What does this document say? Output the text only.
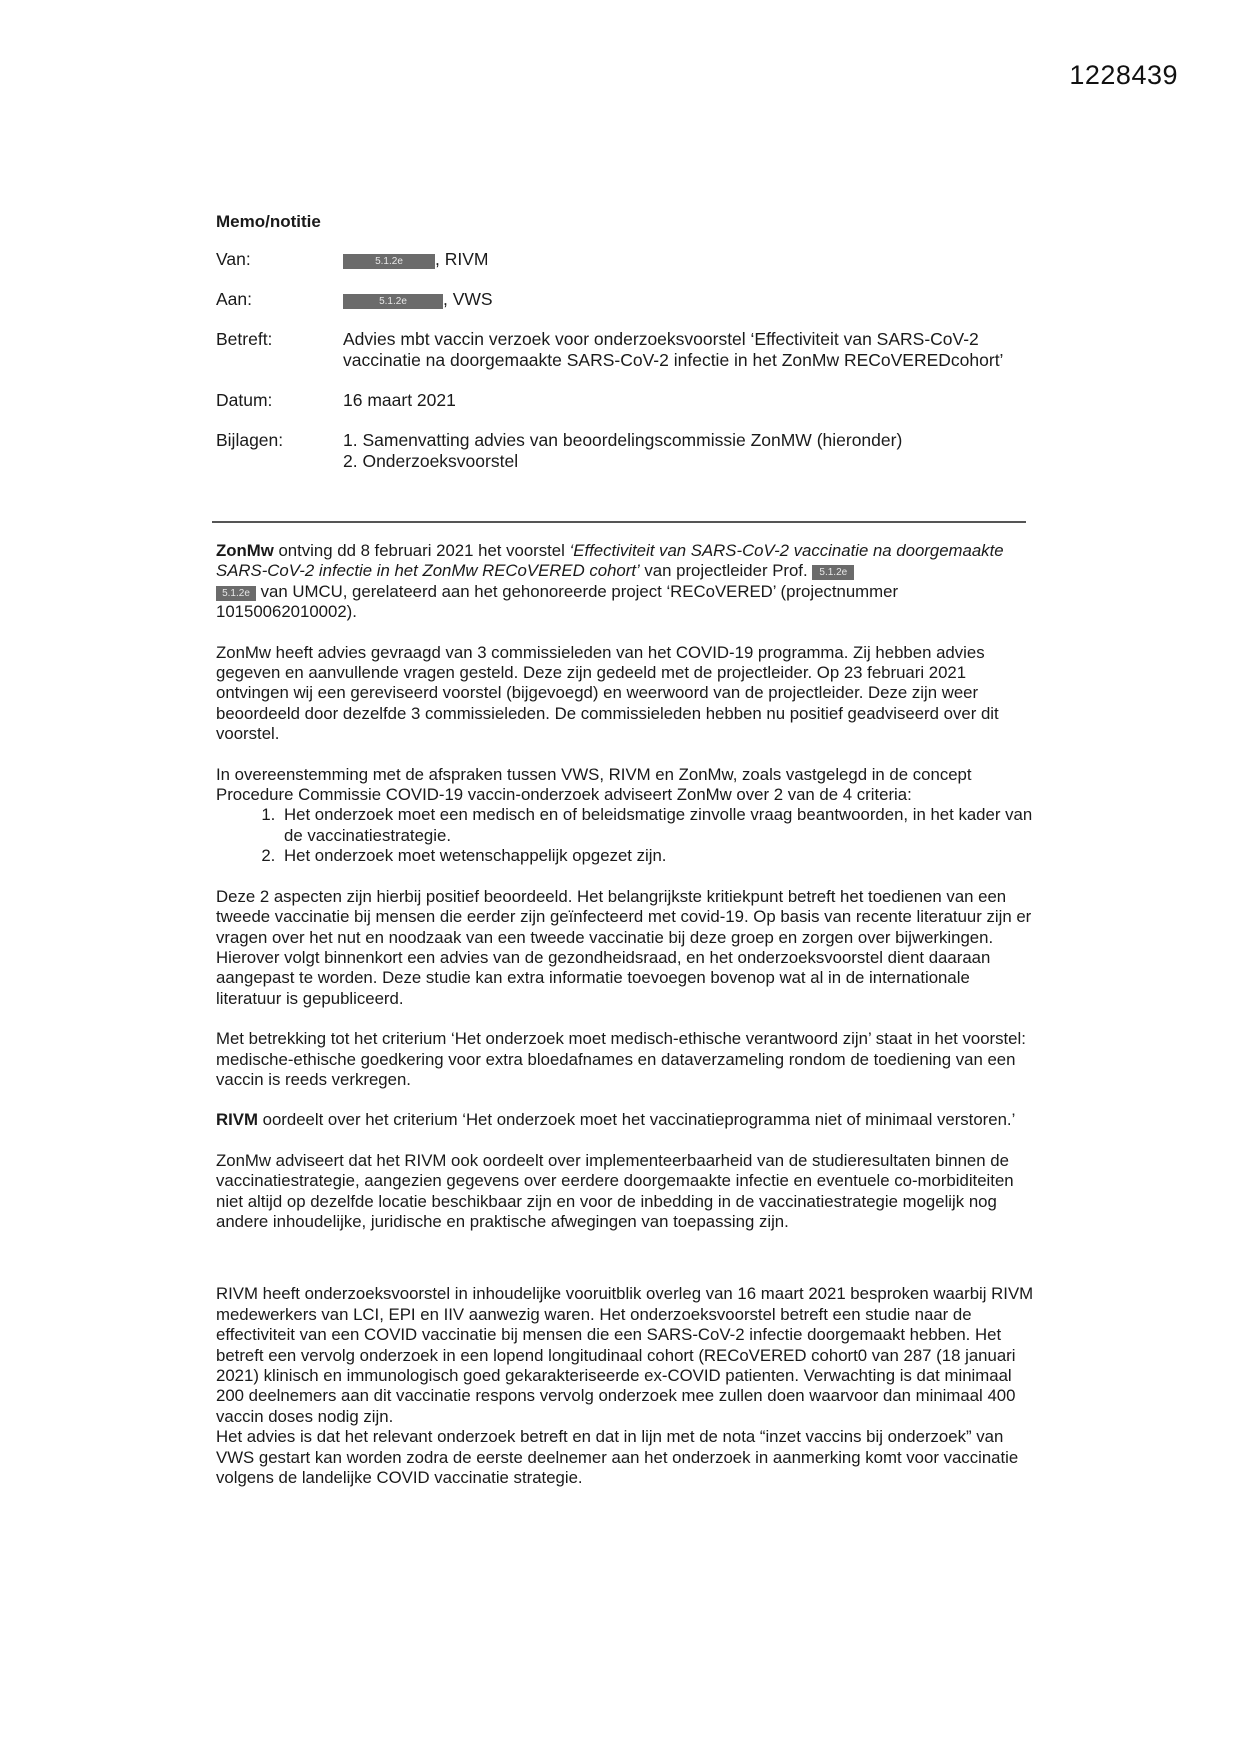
1228439
Memo/notitie
Van:	5.1.2e , RIVM
Aan:	5.1.2e , VWS
Betreft:	Advies mbt vaccin verzoek voor onderzoeksvoorstel ‘Effectiviteit van SARS-CoV-2
vaccinatie na doorgemaakte SARS-CoV-2 infectie in het ZonMw RECoVEREDcohort’
Datum:	16 maart 2021
Bijlagen:	1. Samenvatting advies van beoordelingscommissie ZonMW (hieronder)
2. Onderzoeksvoorstel

ZonMw ontving dd 8 februari 2021 het voorstel ‘Effectiviteit van SARS-CoV-2 vaccinatie na doorgemaakte SARS-CoV-2 infectie in het ZonMw RECoVERED cohort’ van projectleider Prof. 5.1.2e
5.1.2e van UMCU, gerelateerd aan het gehonoreerde project ‘RECoVERED’ (projectnummer 10150062010002).

ZonMw heeft advies gevraagd van 3 commissieleden van het COVID-19 programma. Zij hebben advies gegeven en aanvullende vragen gesteld. Deze zijn gedeeld met de projectleider. Op 23 februari 2021 ontvingen wij een gereviseerd voorstel (bijgevoegd) en weerwoord van de projectleider. Deze zijn weer beoordeeld door dezelfde 3 commissieleden. De commissieleden hebben nu positief geadviseerd over dit voorstel.

In overeenstemming met de afspraken tussen VWS, RIVM en ZonMw, zoals vastgelegd in de concept Procedure Commissie COVID-19 vaccin-onderzoek adviseert ZonMw over 2 van de 4 criteria:

1. Het onderzoek moet een medisch en of beleidsmatige zinvolle vraag beantwoorden, in het kader van de vaccinatiestrategie.
2. Het onderzoek moet wetenschappelijk opgezet zijn.

Deze 2 aspecten zijn hierbij positief beoordeeld. Het belangrijkste kritiekpunt betreft het toedienen van een tweede vaccinatie bij mensen die eerder zijn geïnfecteerd met covid-19. Op basis van recente literatuur zijn er vragen over het nut en noodzaak van een tweede vaccinatie bij deze groep en zorgen over bijwerkingen. Hierover volgt binnenkort een advies van de gezondheidsraad, en het onderzoeksvoorstel dient daaraan aangepast te worden. Deze studie kan extra informatie toevoegen bovenop wat al in de internationale literatuur is gepubliceerd.

Met betrekking tot het criterium ‘Het onderzoek moet medisch-ethische verantwoord zijn’ staat in het voorstel: medische-ethische goedkering voor extra bloedafnames en dataverzameling rondom de toediening van een vaccin is reeds verkregen.

RIVM oordeelt over het criterium ‘Het onderzoek moet het vaccinatieprogramma niet of minimaal verstoren.’

ZonMw adviseert dat het RIVM ook oordeelt over implementeerbaarheid van de studieresultaten binnen de vaccinatiestrategie, aangezien gegevens over eerdere doorgemaakte infectie en eventuele co-morbiditeiten niet altijd op dezelfde locatie beschikbaar zijn en voor de inbedding in de vaccinatiestrategie mogelijk nog andere inhoudelijke, juridische en praktische afwegingen van toepassing zijn.

RIVM heeft onderzoeksvoorstel in inhoudelijke vooruitblik overleg van 16 maart 2021 besproken waarbij RIVM medewerkers van LCI, EPI en IIV aanwezig waren. Het onderzoeksvoorstel betreft een studie naar de effectiviteit van een COVID vaccinatie bij mensen die een SARS-CoV-2 infectie doorgemaakt hebben. Het betreft een vervolg onderzoek in een lopend longitudinaal cohort (RECoVERED cohort0 van 287 (18 januari 2021) klinisch en immunologisch goed gekarakteriseerde ex-COVID patienten. Verwachting is dat minimaal 200 deelnemers aan dit vaccinatie respons vervolg onderzoek mee zullen doen waarvoor dan minimaal 400 vaccin doses nodig zijn.

Het advies is dat het relevant onderzoek betreft en dat in lijn met de nota “inzet vaccins bij onderzoek” van VWS gestart kan worden zodra de eerste deelnemer aan het onderzoek in aanmerking komt voor vaccinatie volgens de landelijke COVID vaccinatie strategie.
